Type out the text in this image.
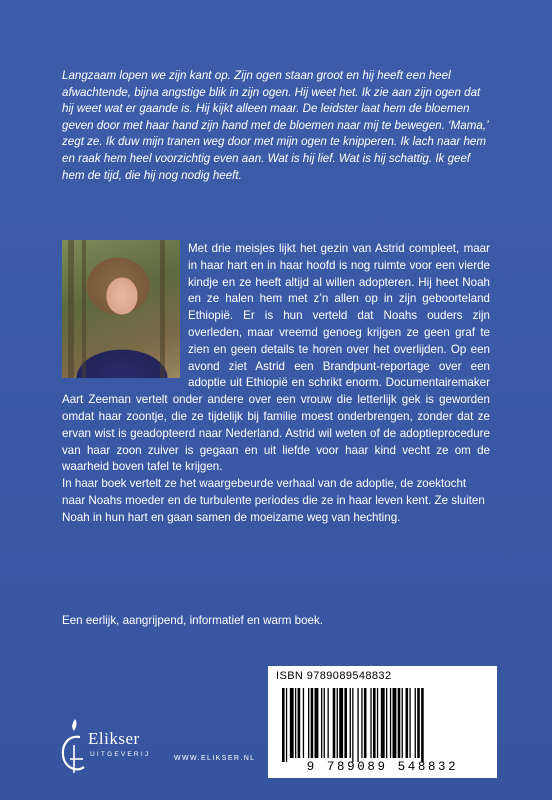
Langzaam lopen we zijn kant op. Zijn ogen staan groot en hij heeft een heel afwachtende, bijna angstige blik in zijn ogen. Hij weet het. Ik zie aan zijn ogen dat hij weet wat er gaande is. Hij kijkt alleen maar. De leidster laat hem de bloemen geven door met haar hand zijn hand met de bloemen naar mij te bewegen. ‘Mama,’ zegt ze. Ik duw mijn tranen weg door met mijn ogen te knipperen. Ik lach naar hem en raak hem heel voorzichtig even aan. Wat is hij lief. Wat is hij schattig. Ik geef hem de tijd, die hij nog nodig heeft.

Met drie meisjes lijkt het gezin van Astrid compleet, maar in haar hart en in haar hoofd is nog ruimte voor een vierde kindje en ze heeft altijd al willen adopteren. Hij heet Noah en ze halen hem met z’n allen op in zijn geboorteland Ethiopië. Er is hun verteld dat Noahs ouders zijn overleden, maar vreemd genoeg krijgen ze geen graf te zien en geen details te horen over het overlijden. Op een avond ziet Astrid een Brandpunt-reportage over een adoptie uit Ethiopië en schrikt enorm. Documentairemaker Aart Zeeman vertelt onder andere over een vrouw die letterlijk gek is geworden omdat haar zoontje, die ze tijdelijk bij familie moest onderbrengen, zonder dat ze ervan wist is geadopteerd naar Nederland. Astrid wil weten of de adoptieprocedure van haar zoon zuiver is gegaan en uit liefde voor haar kind vecht ze om de waarheid boven tafel te krijgen.

In haar boek vertelt ze het waargebeurde verhaal van de adoptie, de zoektocht naar Noahs moeder en de turbulente periodes die ze in haar leven kent. Ze sluiten Noah in hun hart en gaan samen de moeizame weg van hechting.

Een eerlijk, aangrijpend, informatief en warm boek.
Elikser
UITGEVERIJ
WWW.ELIKSER.NL
ISBN 9789089548832
9 789089 548832
